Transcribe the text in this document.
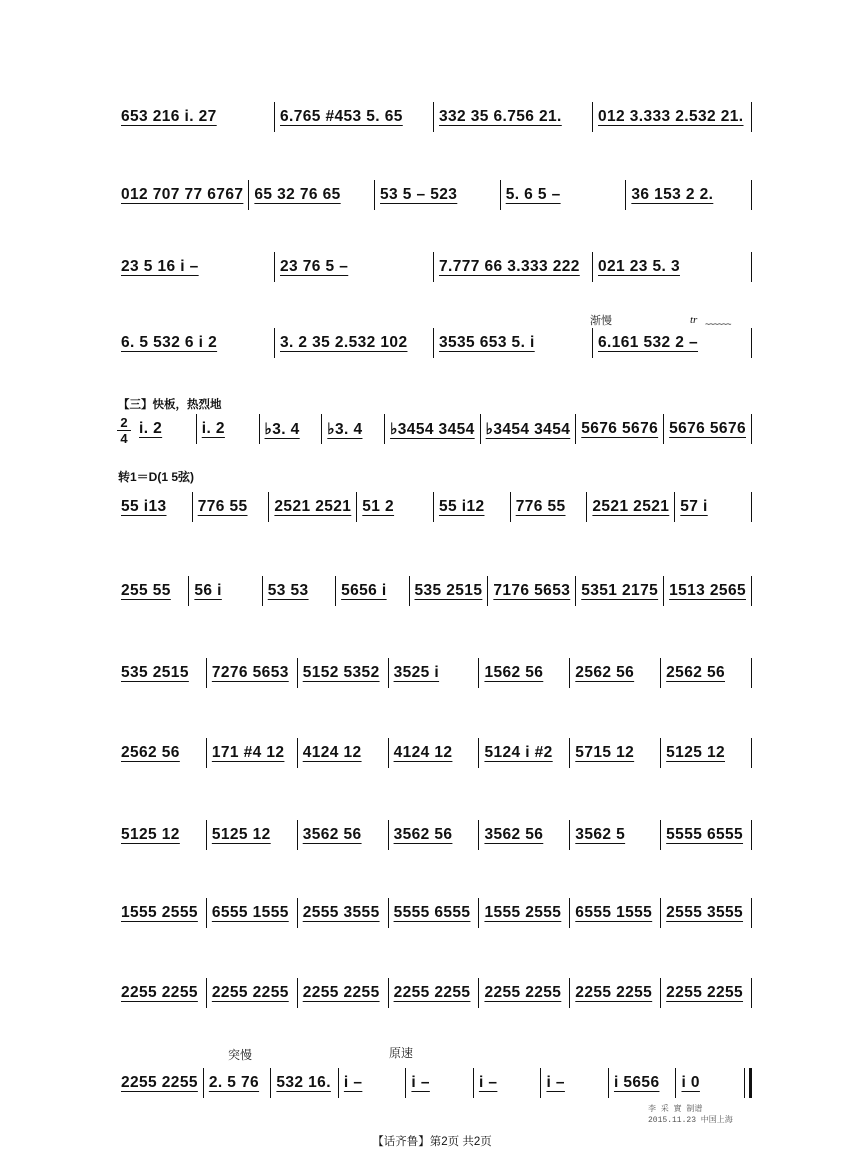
渐慢	tr ~~~~~~
【三】快板，热烈地
2
4
转1＝D(1 5弦)
突慢	原速
653 216 i. 27	6.765 #453 5. 65	332 35 6.756 21.	012 3.333 2.532 21.
012 707 77 6767 65 32 76 65	53 5 – 523	5. 6 5 –	36 153 2 2.
23 5 16 i –	23 76 5 –	7.777 66 3.333 222	021 23 5. 3
6. 5 532 6 i 2	3. 2 35 2.532 102	3535 653 5. i	6.161 532 2 –
i. 2	i. 2	♭3. 4	♭3. 4	♭3454 3454 ♭3454 3454 5676 5676 5676 5676
55 i13	776 55	2521 2521 51 2	55 i12	776 55	2521 2521 57 i
255 55	56 i	53 53	5656 i	535 2515 7176 5653 5351 2175 1513 2565
535 2515	7276 5653 5152 5352 3525 i	1562 56	2562 56	2562 56
2562 56	171 #4 12	4124 12	4124 12	5124 i #2	5715 12	5125 12
5125 12	5125 12	3562 56	3562 56	3562 56	3562 5	5555 6555
1555 2555 6555 1555 2555 3555 5555 6555 1555 2555 6555 1555 2555 3555
2255 2255 2255 2255 2255 2255 2255 2255 2255 2255 2255 2255 2255 2255
2255 2255 2. 5 76	532 16. i –	i –	i –	i –	i 5656	i 0
李 采 實 制谱
2015.11.23 中国上海
【话齐鲁】第2页 共2页
